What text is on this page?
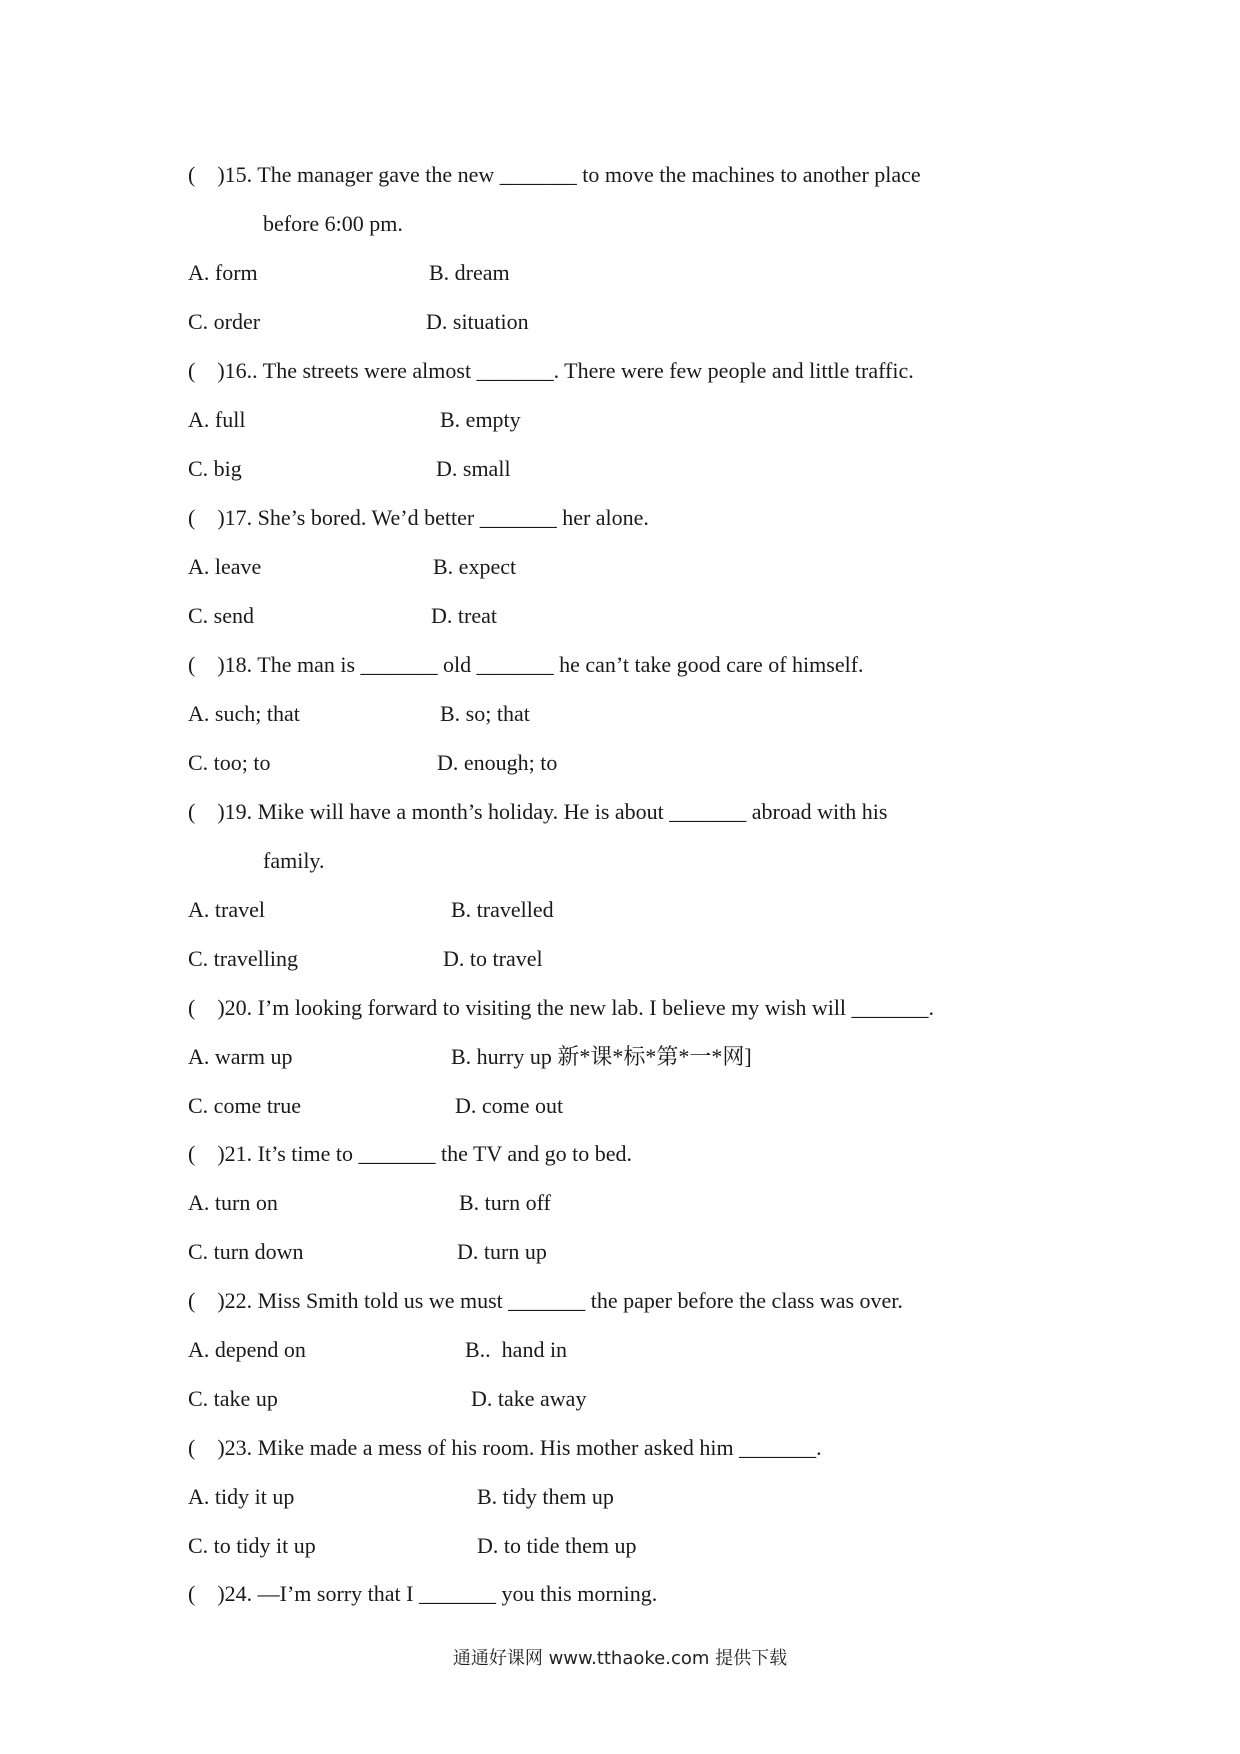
(    )15. The manager gave the new _______ to move the machines to another place
before 6:00 pm.
A. form	B. dream
C. order	D. situation
(    )16.. The streets were almost _______. There were few people and little traffic.
A. full	B. empty
C. big	D. small
(    )17. She’s bored. We’d better _______ her alone.
A. leave	B. expect
C. send	D. treat
(    )18. The man is _______ old _______ he can’t take good care of himself.
A. such; that	B. so; that
C. too; to	D. enough; to
(    )19. Mike will have a month’s holiday. He is about _______ abroad with his
family.
A. travel	B. travelled
C. travelling	D. to travel
(    )20. I’m looking forward to visiting the new lab. I believe my wish will _______.
A. warm up	B. hurry up 新*课*标*第*一*网]
C. come true	D. come out
(    )21. It’s time to _______ the TV and go to bed.
A. turn on	B. turn off
C. turn down	D. turn up
(    )22. Miss Smith told us we must _______ the paper before the class was over.
A. depend on	B..  hand in
C. take up	D. take away
(    )23. Mike made a mess of his room. His mother asked him _______.
A. tidy it up	B. tidy them up
C. to tidy it up	D. to tide them up
(    )24. —I’m sorry that I _______ you this morning.
通通好课网 www.tthaoke.com 提供下载
